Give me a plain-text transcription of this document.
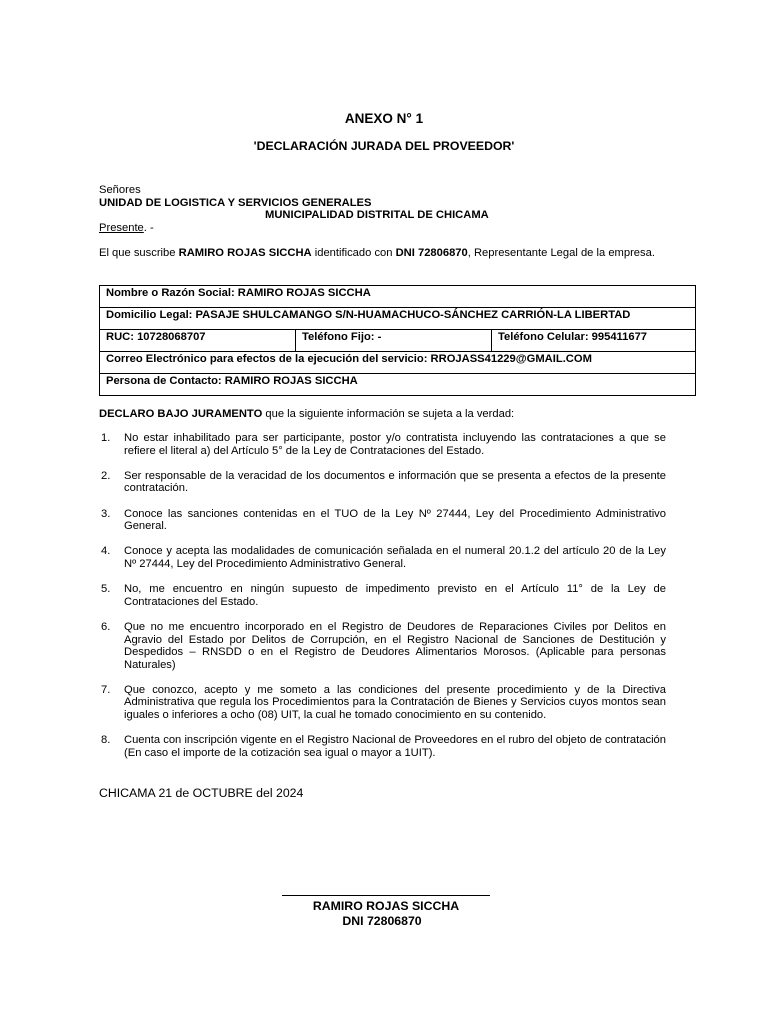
ANEXO N° 1
'DECLARACIÓN JURADA DEL PROVEEDOR'
Señores
UNIDAD DE LOGISTICA Y SERVICIOS GENERALES
MUNICIPALIDAD DISTRITAL DE CHICAMA
Presente. -
El que suscribe RAMIRO ROJAS SICCHA identificado con DNI 72806870, Representante Legal de la empresa.
Nombre o Razón Social: RAMIRO ROJAS SICCHA
Domicilio Legal: PASAJE SHULCAMANGO S/N-HUAMACHUCO-SÁNCHEZ CARRIÓN-LA LIBERTAD
RUC: 10728068707	Teléfono Fijo: -	Teléfono Celular: 995411677
Correo Electrónico para efectos de la ejecución del servicio: RROJASS41229@GMAIL.COM
Persona de Contacto: RAMIRO ROJAS SICCHA
DECLARO BAJO JURAMENTO que la siguiente información se sujeta a la verdad:
1. No estar inhabilitado para ser participante, postor y/o contratista incluyendo las contrataciones a que se refiere el literal a) del Artículo 5° de la Ley de Contrataciones del Estado.
2. Ser responsable de la veracidad de los documentos e información que se presenta a efectos de la presente contratación.
3. Conoce las sanciones contenidas en el TUO de la Ley Nº 27444, Ley del Procedimiento Administrativo General.
4. Conoce y acepta las modalidades de comunicación señalada en el numeral 20.1.2 del artículo 20 de la Ley Nº 27444, Ley del Procedimiento Administrativo General.
5. No, me encuentro en ningún supuesto de impedimento previsto en el Artículo 11° de la Ley de Contrataciones del Estado.
6. Que no me encuentro incorporado en el Registro de Deudores de Reparaciones Civiles por Delitos en Agravio del Estado por Delitos de Corrupción, en el Registro Nacional de Sanciones de Destitución y Despedidos – RNSDD o en el Registro de Deudores Alimentarios Morosos. (Aplicable para personas Naturales)
7. Que conozco, acepto y me someto a las condiciones del presente procedimiento y de la Directiva Administrativa que regula los Procedimientos para la Contratación de Bienes y Servicios cuyos montos sean iguales o inferiores a ocho (08) UIT, la cual he tomado conocimiento en su contenido.
8. Cuenta con inscripción vigente en el Registro Nacional de Proveedores en el rubro del objeto de contratación (En caso el importe de la cotización sea igual o mayor a 1UIT).
CHICAMA 21 de OCTUBRE del 2024
RAMIRO ROJAS SICCHA
DNI 72806870
